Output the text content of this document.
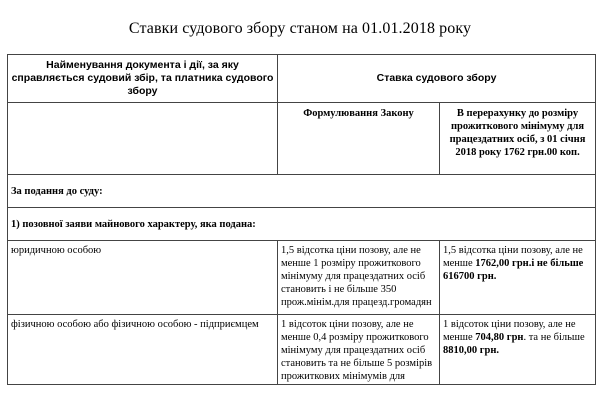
Ставки судового збору станом на 01.01.2018 року
Найменування документа і дії, за яку справляється судовий збір, та платника судового збору	Ставка судового збору	
	Формулювання Закону	В перерахунку до розміру прожиткового мінімуму для працездатних осіб, з 01 січня 2018 року 1762 грн.00 коп.
За подання до суду:		
1) позовної заяви майнового характеру, яка подана:		
юридичною особою	1,5 відсотка ціни позову, але не менше 1 розміру прожиткового мінімуму для працездатних осіб становить і не більше 350 прож.мінім.для працезд.громадян	1,5 відсотка ціни позову, але не менше 1762,00 грн.і не більше 616700 грн.
фізичною особою або фізичною особою - підприємцем	1 відсоток ціни позову, але не менше 0,4 розміру прожиткового мінімуму для працездатних осіб становить та не більше 5 розмірів прожиткових мінімумів для	1 відсоток ціни позову, але не менше 704,80 грн. та не більше 8810,00 грн.
